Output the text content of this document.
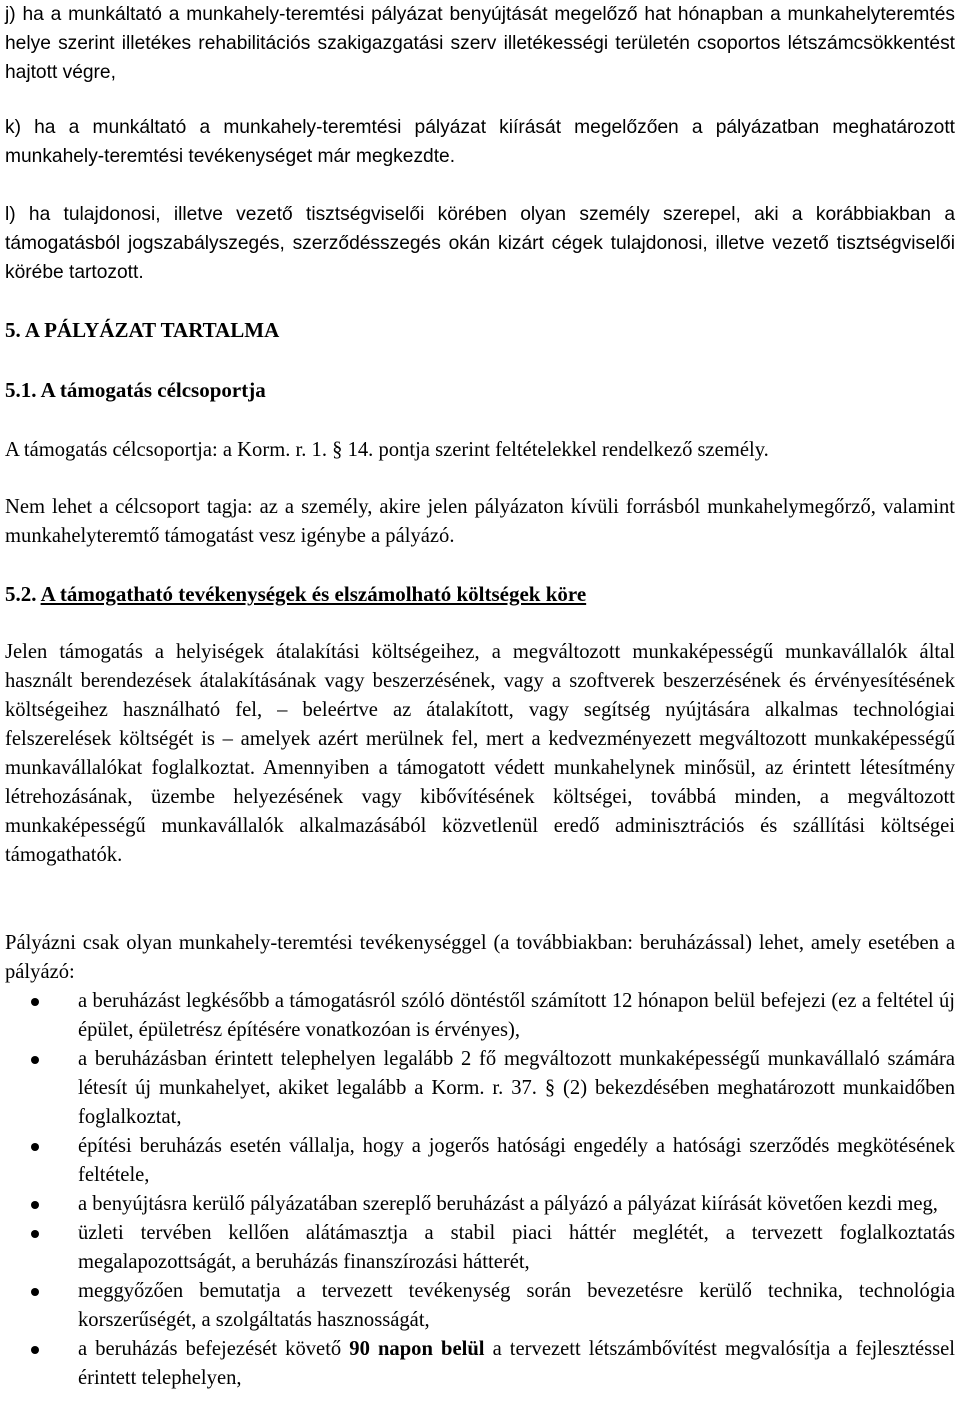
j) ha a munkáltató a munkahely-teremtési pályázat benyújtását megelőző hat hónapban a munkahelyteremtés helye szerint illetékes rehabilitációs szakigazgatási szerv illetékességi területén csoportos létszámcsökkentést hajtott végre,

k) ha a munkáltató a munkahely-teremtési pályázat kiírását megelőzően a pályázatban meghatározott munkahely-teremtési tevékenységet már megkezdte.

l) ha tulajdonosi, illetve vezető tisztségviselői körében olyan személy szerepel, aki a korábbiakban a támogatásból jogszabályszegés, szerződésszegés okán kizárt cégek tulajdonosi, illetve vezető tisztségviselői körébe tartozott.

5. A PÁLYÁZAT TARTALMA
5.1. A támogatás célcsoportja

A támogatás célcsoportja: a Korm. r. 1. § 14. pontja szerint feltételekkel rendelkező személy.

Nem lehet a célcsoport tagja: az a személy, akire jelen pályázaton kívüli forrásból munkahelymegőrző, valamint munkahelyteremtő támogatást vesz igénybe a pályázó.

5.2. A támogatható tevékenységek és elszámolható költségek köre

Jelen támogatás a helyiségek átalakítási költségeihez, a megváltozott munkaképességű munkavállalók által használt berendezések átalakításának vagy beszerzésének, vagy a szoftverek beszerzésének és érvényesítésének költségeihez használható fel, – beleértve az átalakított, vagy segítség nyújtására alkalmas technológiai felszerelések költségét is – amelyek azért merülnek fel, mert a kedvezményezett megváltozott munkaképességű munkavállalókat foglalkoztat. Amennyiben a támogatott védett munkahelynek minősül, az érintett létesítmény létrehozásának, üzembe helyezésének vagy kibővítésének költségei, továbbá minden, a megváltozott munkaképességű munkavállalók alkalmazásából közvetlenül eredő adminisztrációs és szállítási költségei támogathatók.

Pályázni csak olyan munkahely-teremtési tevékenységgel (a továbbiakban: beruházással) lehet, amely esetében a pályázó:

a beruházást legkésőbb a támogatásról szóló döntéstől számított 12 hónapon belül befejezi (ez a feltétel új épület, épületrész építésére vonatkozóan is érvényes),
a beruházásban érintett telephelyen legalább 2 fő megváltozott munkaképességű munkavállaló számára létesít új munkahelyet, akiket legalább a Korm. r. 37. § (2) bekezdésében meghatározott munkaidőben foglalkoztat,
építési beruházás esetén vállalja, hogy a jogerős hatósági engedély a hatósági szerződés megkötésének feltétele,
a benyújtásra kerülő pályázatában szereplő beruházást a pályázó a pályázat kiírását követően kezdi meg,
üzleti tervében kellően alátámasztja a stabil piaci háttér meglétét, a tervezett foglalkoztatás megalapozottságát, a beruházás finanszírozási hátterét,
meggyőzően bemutatja a tervezett tevékenység során bevezetésre kerülő technika, technológia korszerűségét, a szolgáltatás hasznosságát,
a beruházás befejezését követő 90 napon belül a tervezett létszámbővítést megvalósítja a fejlesztéssel érintett telephelyen,
